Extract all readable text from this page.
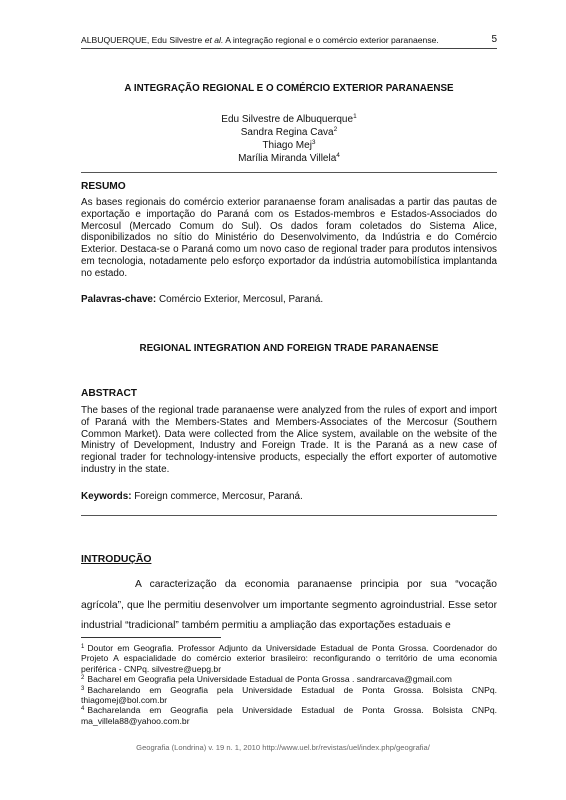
ALBUQUERQUE, Edu Silvestre et al. A integração regional e o comércio exterior paranaense.	5
A INTEGRAÇÃO REGIONAL E O COMÉRCIO EXTERIOR PARANAENSE
Edu Silvestre de Albuquerque$^1$
Sandra Regina Cava$^2$
Thiago Mej$^3$
Marília Miranda Villela$^4$
RESUMO
As bases regionais do comércio exterior paranaense foram analisadas a partir das pautas de exportação e importação do Paraná com os Estados-membros e Estados-Associados do Mercosul (Mercado Comum do Sul). Os dados foram coletados do Sistema Alice, disponibilizados no sítio do Ministério do Desenvolvimento, da Indústria e do Comércio Exterior. Destaca-se o Paraná como um novo caso de regional trader para produtos intensivos em tecnologia, notadamente pelo esforço exportador da indústria automobilística implantanda no estado.
Palavras-chave: Comércio Exterior, Mercosul, Paraná.
REGIONAL INTEGRATION AND FOREIGN TRADE PARANAENSE
ABSTRACT
The bases of the regional trade paranaense were analyzed from the rules of export and import of Paraná with the Members-States and Members-Associates of the Mercosur (Southern Common Market). Data were collected from the Alice system, available on the website of the Ministry of Development, Industry and Foreign Trade. It is the Paraná as a new case of regional trader for technology-intensive products, especially the effort exporter of automotive industry in the state.
Keywords: Foreign commerce, Mercosur, Paraná.
INTRODUÇÃO
A caracterização da economia paranaense principia por sua “vocação agrícola”, que lhe permitiu desenvolver um importante segmento agroindustrial. Esse setor industrial “tradicional” também permitiu a ampliação das exportações estaduais e

$^1$ Doutor em Geografia. Professor Adjunto da Universidade Estadual de Ponta Grossa. Coordenador do Projeto A espacialidade do comércio exterior brasileiro: reconfigurando o território de uma economia periférica - CNPq. silvestre@uepg.br

$^2$ Bacharel em Geografia pela Universidade Estadual de Ponta Grossa . sandrarcava@gmail.com

$^3$ Bacharelando em Geografia pela Universidade Estadual de Ponta Grossa. Bolsista CNPq. thiagomej@bol.com.br

$^4$ Bacharelanda em Geografia pela Universidade Estadual de Ponta Grossa. Bolsista CNPq. ma_villela88@yahoo.com.br

Geografia (Londrina) v. 19 n. 1, 2010 http://www.uel.br/revistas/uel/index.php/geografia/
